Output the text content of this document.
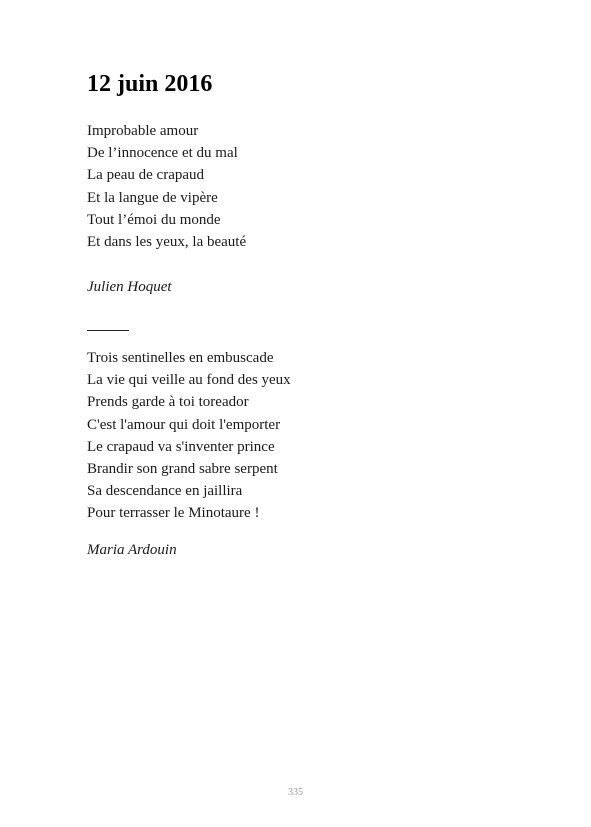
12 juin 2016
Improbable amour
De l’innocence et du mal
La peau de crapaud
Et la langue de vipère
Tout l’émoi du monde
Et dans les yeux, la beauté

Julien Hoquet

Trois sentinelles en embuscade
La vie qui veille au fond des yeux
Prends garde à toi toreador
C'est l'amour qui doit l'emporter
Le crapaud va s'inventer prince
Brandir son grand sabre serpent
Sa descendance en jaillira
Pour terrasser le Minotaure !

Maria Ardouin

335
